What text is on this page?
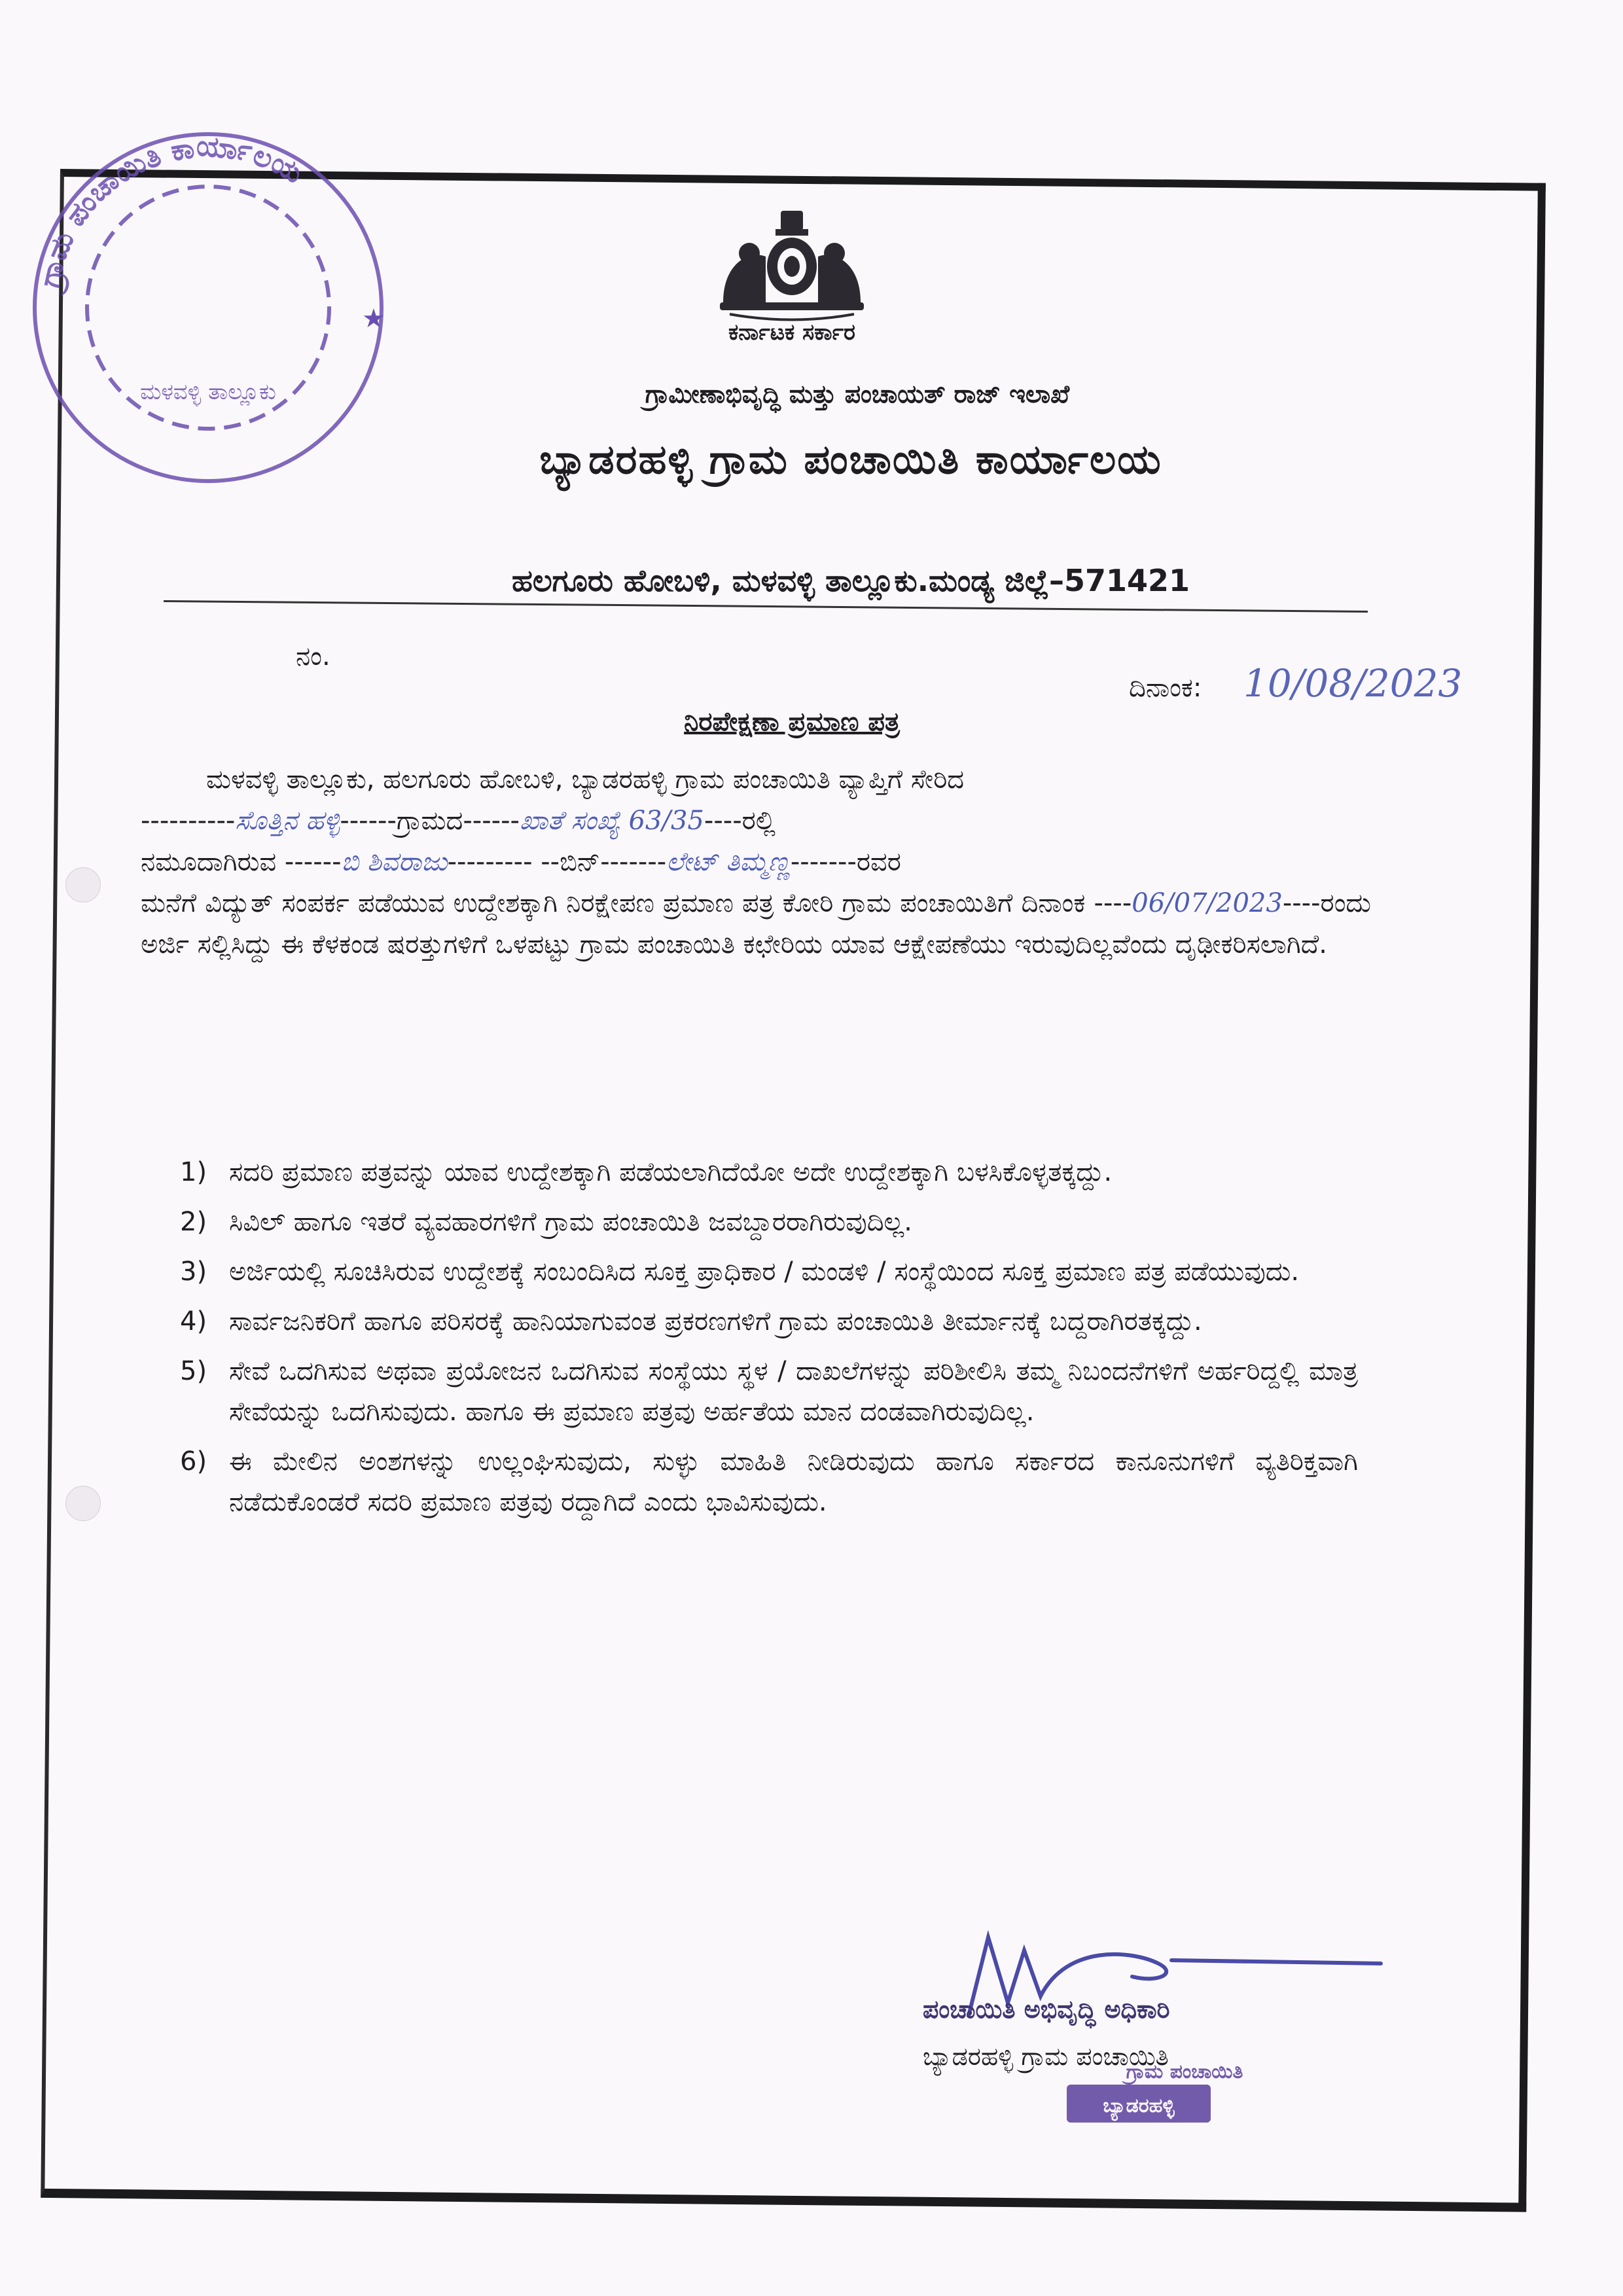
ಗ್ರಾಮ ಪಂಚಾಯಿತಿ ಕಾರ್ಯಾಲಯ
ಮಳವಳ್ಳಿ ತಾಲ್ಲೂಕು
★	ಕರ್ನಾಟಕ ಸರ್ಕಾರ
ಗ್ರಾಮೀಣಾಭಿವೃದ್ಧಿ ಮತ್ತು ಪಂಚಾಯತ್ ರಾಜ್ ಇಲಾಖೆ
ಬ್ಯಾಡರಹಳ್ಳಿ ಗ್ರಾಮ ಪಂಚಾಯಿತಿ ಕಾರ್ಯಾಲಯ
ಹಲಗೂರು ಹೋಬಳಿ, ಮಳವಳ್ಳಿ ತಾಲ್ಲೂಕು.ಮಂಡ್ಯ ಜಿಲ್ಲೆ–571421
ನಂ.
ದಿನಾಂಕ: 10/08/2023
ನಿರಪೇಕ್ಷಣಾ ಪ್ರಮಾಣ ಪತ್ರ
ಮಳವಳ್ಳಿ ತಾಲ್ಲೂಕು, ಹಲಗೂರು ಹೋಬಳಿ, ಬ್ಯಾಡರಹಳ್ಳಿ ಗ್ರಾಮ ಪಂಚಾಯಿತಿ ವ್ಯಾಪ್ತಿಗೆ ಸೇರಿದ
----------ಸೊತ್ತಿನ ಹಳ್ಳಿ------ಗ್ರಾಮದ------ಖಾತೆ ಸಂಖ್ಯೆ 63/35----ರಲ್ಲಿ
ನಮೂದಾಗಿರುವ ------ಬಿ ಶಿವರಾಜು--------- --ಬಿನ್-------ಲೇಟ್ ತಿಮ್ಮಣ್ಣ-------ರವರ
ಮನೆಗೆ ವಿದ್ಯುತ್ ಸಂಪರ್ಕ ಪಡೆಯುವ ಉದ್ದೇಶಕ್ಕಾಗಿ ನಿರಕ್ಷೇಪಣ ಪ್ರಮಾಣ ಪತ್ರ ಕೋರಿ ಗ್ರಾಮ ಪಂಚಾಯಿತಿಗೆ ದಿನಾಂಕ ----06/07/2023----ರಂದು ಅರ್ಜಿ ಸಲ್ಲಿಸಿದ್ದು ಈ ಕೆಳಕಂಡ ಷರತ್ತುಗಳಿಗೆ ಒಳಪಟ್ಟು ಗ್ರಾಮ ಪಂಚಾಯಿತಿ ಕಛೇರಿಯ ಯಾವ ಆಕ್ಷೇಪಣೆಯು ಇರುವುದಿಲ್ಲವೆಂದು ದೃಢೀಕರಿಸಲಾಗಿದೆ.
1) ಸದರಿ ಪ್ರಮಾಣ ಪತ್ರವನ್ನು ಯಾವ ಉದ್ದೇಶಕ್ಕಾಗಿ ಪಡೆಯಲಾಗಿದೆಯೋ ಅದೇ ಉದ್ದೇಶಕ್ಕಾಗಿ ಬಳಸಿಕೊಳ್ಳತಕ್ಕದ್ದು.
2) ಸಿವಿಲ್ ಹಾಗೂ ಇತರೆ ವ್ಯವಹಾರಗಳಿಗೆ ಗ್ರಾಮ ಪಂಚಾಯಿತಿ ಜವಬ್ದಾರರಾಗಿರುವುದಿಲ್ಲ.
3) ಅರ್ಜಿಯಲ್ಲಿ ಸೂಚಿಸಿರುವ ಉದ್ದೇಶಕ್ಕೆ ಸಂಬಂದಿಸಿದ ಸೂಕ್ತ ಪ್ರಾಧಿಕಾರ / ಮಂಡಳಿ / ಸಂಸ್ಥೆಯಿಂದ ಸೂಕ್ತ ಪ್ರಮಾಣ ಪತ್ರ ಪಡೆಯುವುದು.
4) ಸಾರ್ವಜನಿಕರಿಗೆ ಹಾಗೂ ಪರಿಸರಕ್ಕೆ ಹಾನಿಯಾಗುವಂತ ಪ್ರಕರಣಗಳಿಗೆ ಗ್ರಾಮ ಪಂಚಾಯಿತಿ ತೀರ್ಮಾನಕ್ಕೆ ಬದ್ದರಾಗಿರತಕ್ಕದ್ದು.
5) ಸೇವೆ ಒದಗಿಸುವ ಅಥವಾ ಪ್ರಯೋಜನ ಒದಗಿಸುವ ಸಂಸ್ಥೆಯು ಸ್ಥಳ / ದಾಖಲೆಗಳನ್ನು ಪರಿಶೀಲಿಸಿ ತಮ್ಮ ನಿಬಂದನೆಗಳಿಗೆ ಅರ್ಹರಿದ್ದಲ್ಲಿ ಮಾತ್ರ ಸೇವೆಯನ್ನು ಒದಗಿಸುವುದು. ಹಾಗೂ ಈ ಪ್ರಮಾಣ ಪತ್ರವು ಅರ್ಹತೆಯ ಮಾನ ದಂಡವಾಗಿರುವುದಿಲ್ಲ.
6) ಈ ಮೇಲಿನ ಅಂಶಗಳನ್ನು ಉಲ್ಲಂಘಿಸುವುದು, ಸುಳ್ಳು ಮಾಹಿತಿ ನೀಡಿರುವುದು ಹಾಗೂ ಸರ್ಕಾರದ ಕಾನೂನುಗಳಿಗೆ ವ್ಯತಿರಿಕ್ತವಾಗಿ ನಡೆದುಕೊಂಡರೆ ಸದರಿ ಪ್ರಮಾಣ ಪತ್ರವು ರದ್ದಾಗಿದೆ ಎಂದು ಭಾವಿಸುವುದು.
ಪಂಚಾಯಿತಿ ಅಭಿವೃದ್ಧಿ ಅಧಿಕಾರಿ
ಬ್ಯಾಡರಹಳ್ಳಿ ಗ್ರಾಮ ಪಂಚಾಯಿತಿ
ಬ್ಯಾಡರಹಳ್ಳಿ
ಗ್ರಾಮ ಪಂಚಾಯಿತಿ
